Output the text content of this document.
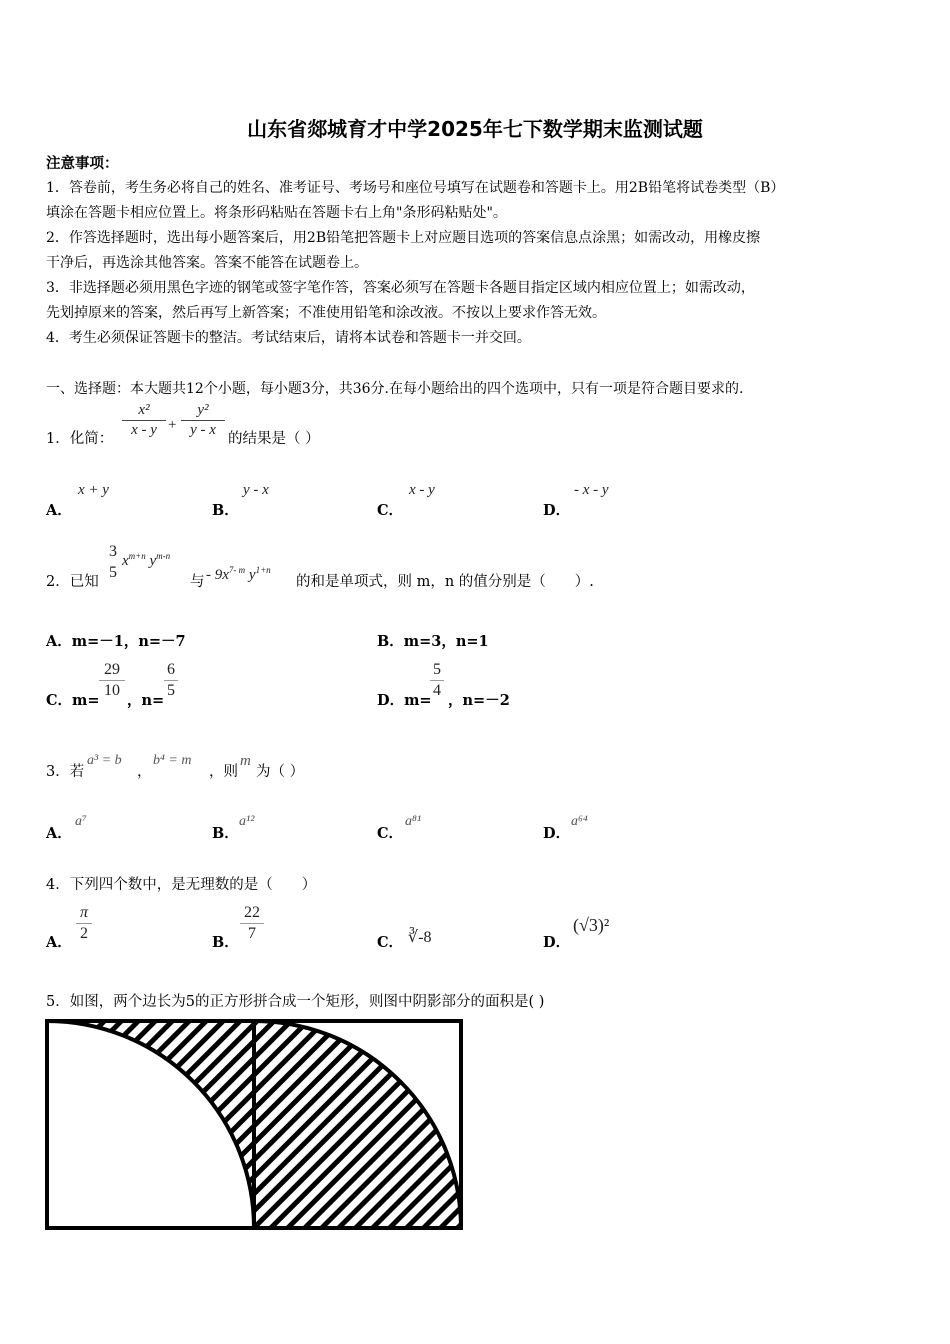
山东省郯城育才中学2025年七下数学期末监测试题
注意事项：
1．答卷前，考生务必将自己的姓名、准考证号、考场号和座位号填写在试题卷和答题卡上。用2B铅笔将试卷类型（B）
填涂在答题卡相应位置上。将条形码粘贴在答题卡右上角"条形码粘贴处"。
2．作答选择题时，选出每小题答案后，用2B铅笔把答题卡上对应题目选项的答案信息点涂黑；如需改动，用橡皮擦
干净后，再选涂其他答案。答案不能答在试题卷上。
3．非选择题必须用黑色字迹的钢笔或签字笔作答，答案必须写在答题卡各题目指定区域内相应位置上；如需改动，
先划掉原来的答案，然后再写上新答案；不准使用铅笔和涂改液。不按以上要求作答无效。
4．考生必须保证答题卡的整洁。考试结束后，请将本试卷和答题卡一并交回。
一、选择题：本大题共12个小题，每小题3分，共36分.在每小题给出的四个选项中，只有一项是符合题目要求的.
1．化简：
x²
x - y +
y²
y - x
的结果是（ ）
A．
x + y
B．
y - x
C．
x - y
D．
- x - y
2．已知
3
5
$x^{m+n}$ $y^{m-n}$
与 - $9x^{7- m}$ $y^{1+n}$
的和是单项式，则 m，n 的值分别是（　　）.
A．m=－1，n=－7	B．m=3，n=1
C．m=
29
10
，n=
6
5
D．m=
5
4
，n=－2
3．若
a³ = b
，
b⁴ = m
，则
m
为（ ）
A．
a⁷
B．
a¹²
C．
a⁸¹
D．
a⁶⁴
4．下列四个数中，是无理数的是（　　）
A．
π
2
B．
22
7
C． ∛-8	D．
(√3)²
5．如图，两个边长为5的正方形拼合成一个矩形，则图中阴影部分的面积是( )
